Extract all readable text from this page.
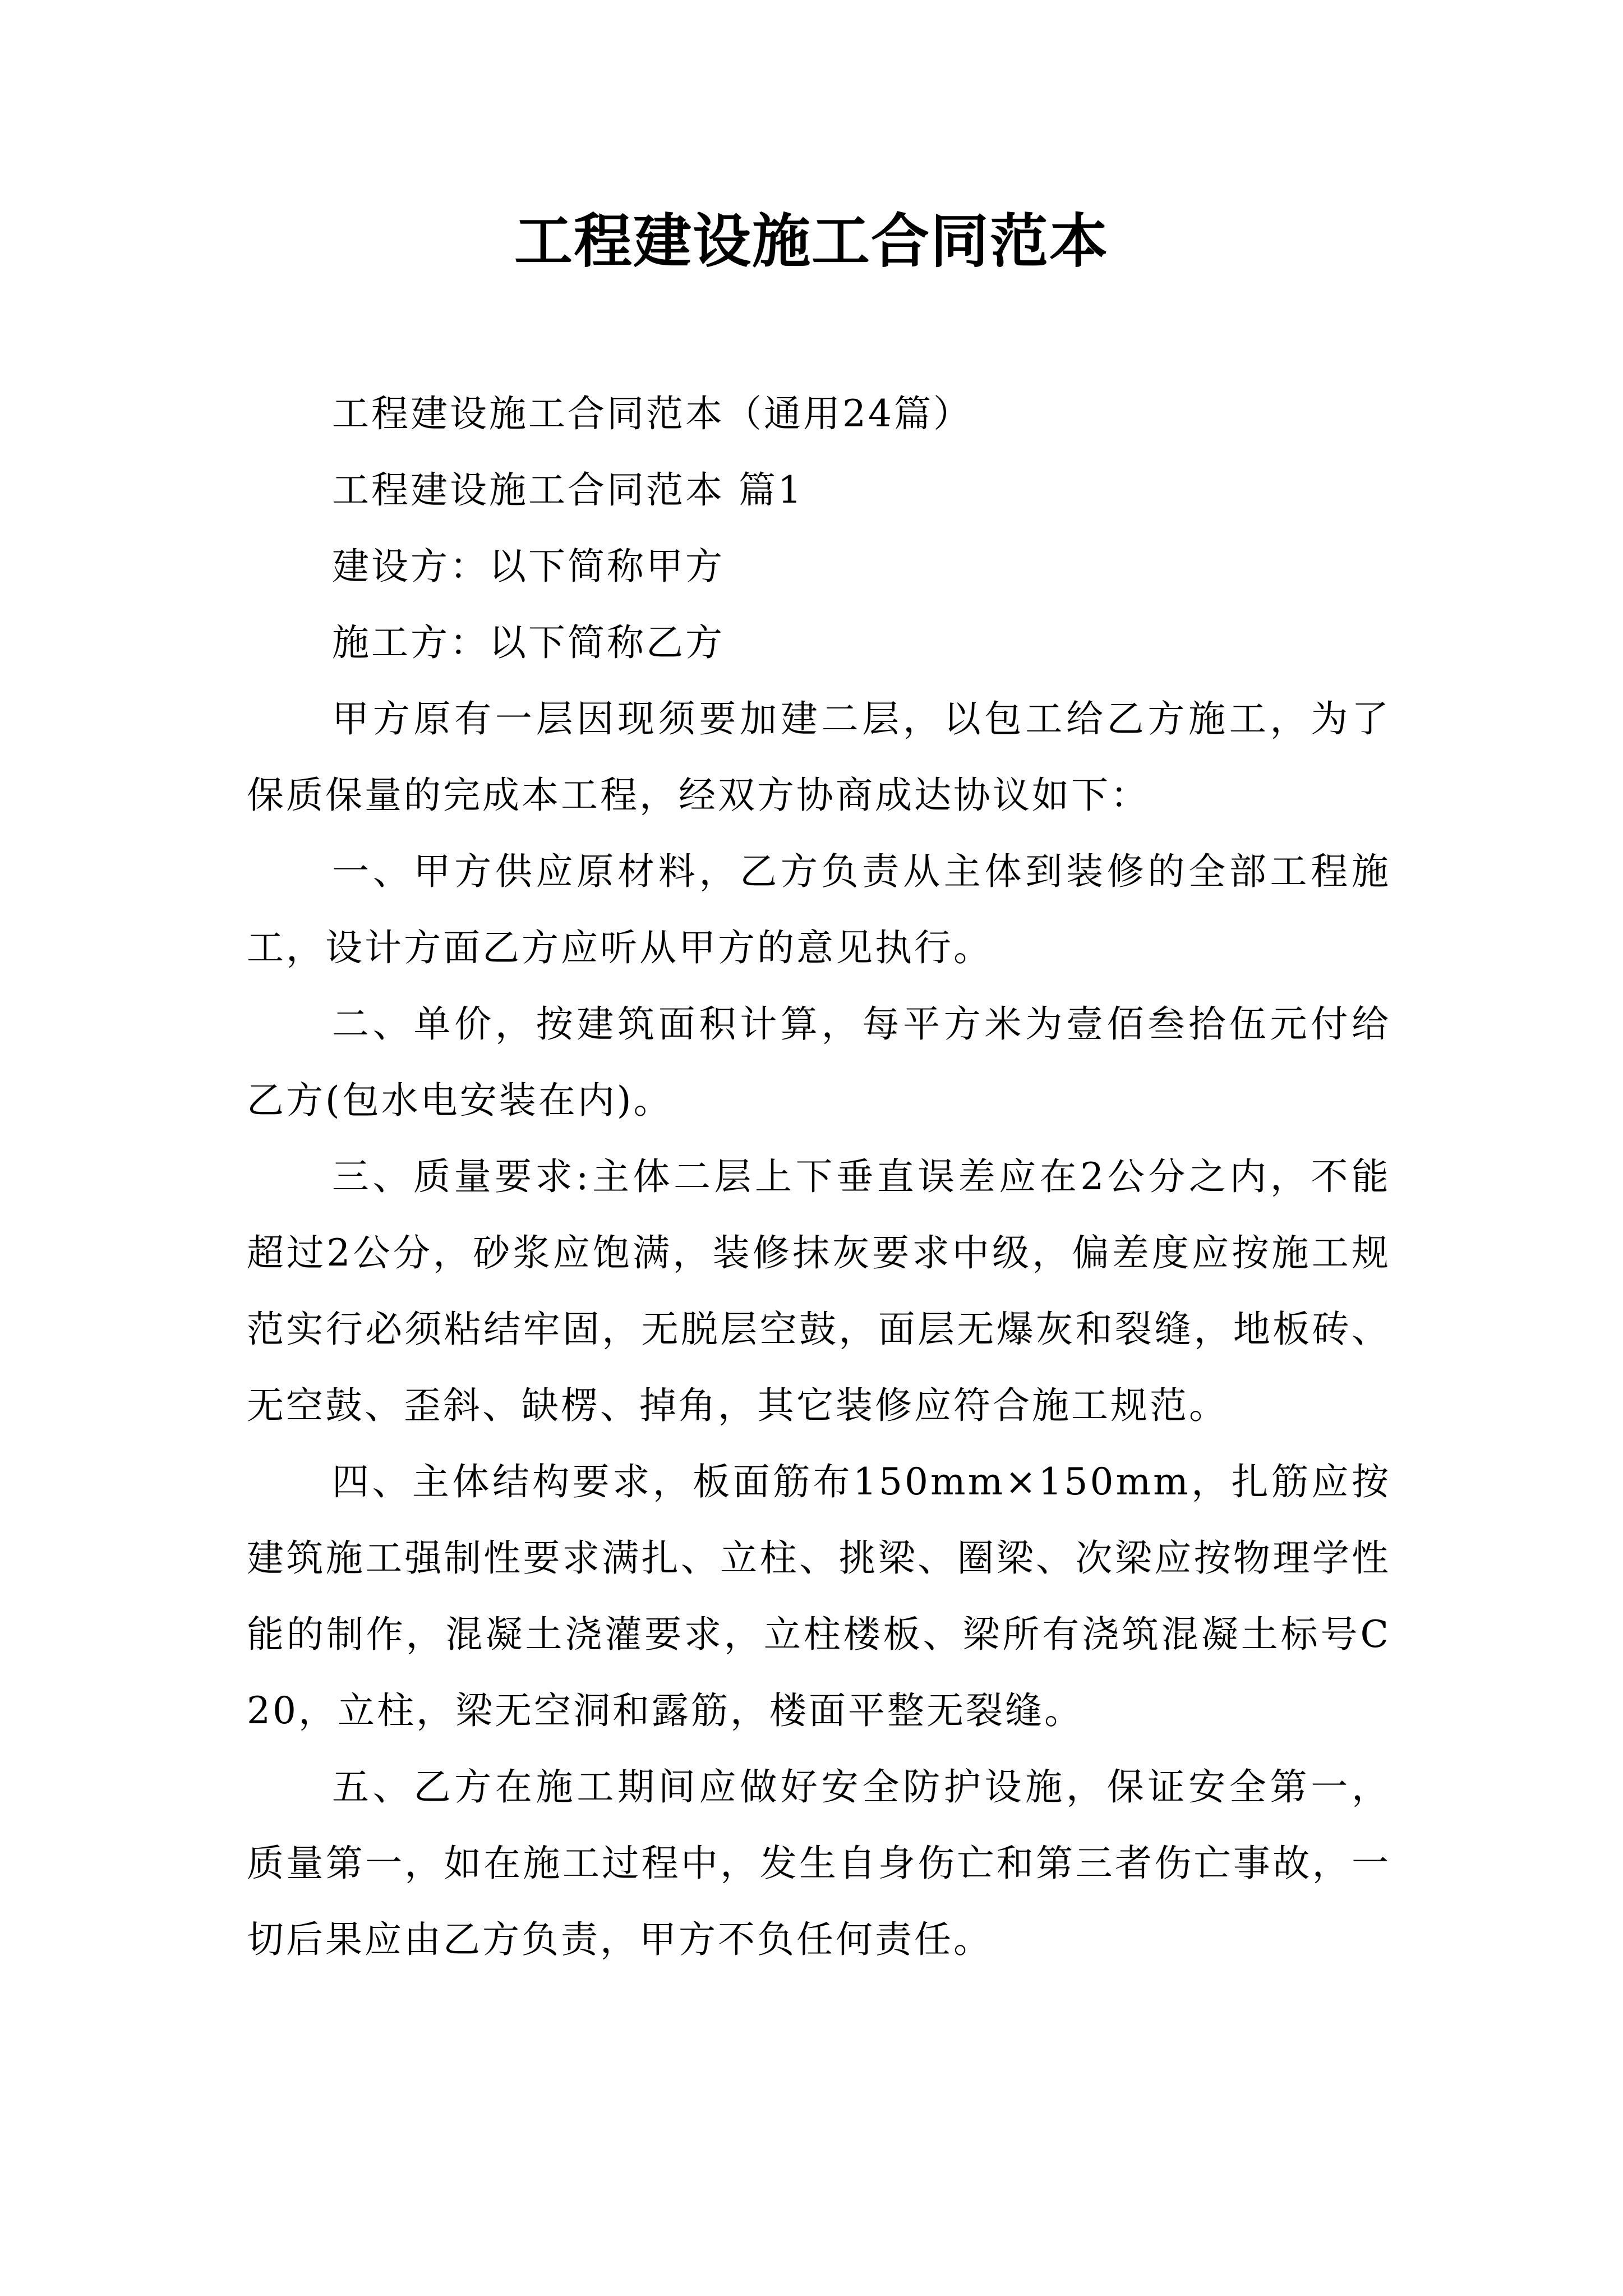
工程建设施工合同范本

工程建设施工合同范本（通用24篇）

工程建设施工合同范本 篇1

建设方：以下简称甲方

施工方：以下简称乙方

甲方原有一层因现须要加建二层，以包工给乙方施工，为了保质保量的完成本工程，经双方协商成达协议如下：

一、甲方供应原材料，乙方负责从主体到装修的全部工程施工，设计方面乙方应听从甲方的意见执行。

二、单价，按建筑面积计算，每平方米为壹佰叁拾伍元付给乙方(包水电安装在内)。

三、质量要求:主体二层上下垂直误差应在2公分之内，不能超过2公分，砂浆应饱满，装修抹灰要求中级，偏差度应按施工规范实行必须粘结牢固，无脱层空鼓，面层无爆灰和裂缝，地板砖、无空鼓、歪斜、缺楞、掉角，其它装修应符合施工规范。

四、主体结构要求，板面筋布150mm×150mm，扎筋应按建筑施工强制性要求满扎、立柱、挑梁、圈梁、次梁应按物理学性能的制作，混凝土浇灌要求，立柱楼板、梁所有浇筑混凝土标号C20，立柱，梁无空洞和露筋，楼面平整无裂缝。

五、乙方在施工期间应做好安全防护设施，保证安全第一，质量第一，如在施工过程中，发生自身伤亡和第三者伤亡事故，一切后果应由乙方负责，甲方不负任何责任。
